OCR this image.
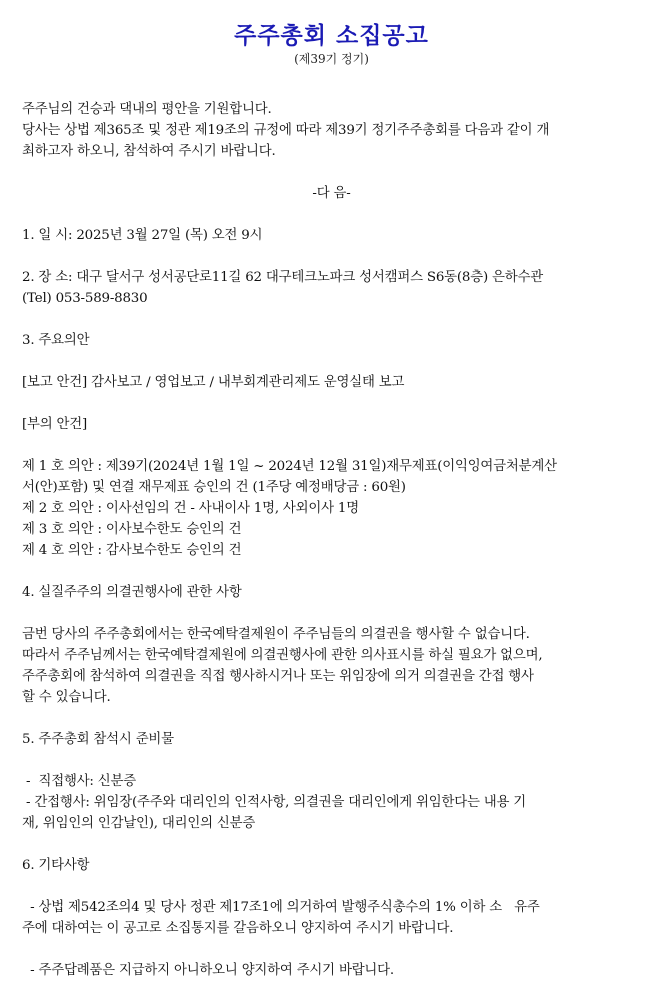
주주총회 소집공고
(제39기 정기)

주주님의 건승과 댁내의 평안을 기원합니다.

당사는 상법 제365조 및 정관 제19조의 규정에 따라 제39기 정기주주총회를 다음과 같이 개

최하고자 하오니, 참석하여 주시기 바랍니다.

-다 음-

1. 일 시: 2025년 3월 27일 (목) 오전 9시

2. 장 소: 대구 달서구 성서공단로11길 62 대구테크노파크 성서캠퍼스 S6동(8층) 은하수관

(Tel) 053-589-8830

3. 주요의안

[보고 안건] 감사보고 / 영업보고 / 내부회계관리제도 운영실태 보고

[부의 안건]

제 1 호 의안 : 제39기(2024년 1월 1일 ~ 2024년 12월 31일)재무제표(이익잉여금처분계산

서(안)포함) 및 연결 재무제표 승인의 건 (1주당 예정배당금 : 60원)

제 2 호 의안 : 이사선임의 건 - 사내이사 1명, 사외이사 1명

제 3 호 의안 : 이사보수한도 승인의 건

제 4 호 의안 : 감사보수한도 승인의 건

4. 실질주주의 의결권행사에 관한 사항

금번 당사의 주주총회에서는 한국예탁결제원이 주주님들의 의결권을 행사할 수 없습니다.

따라서 주주님께서는 한국예탁결제원에 의결권행사에 관한 의사표시를 하실 필요가 없으며,

주주총회에 참석하여 의결권을 직접 행사하시거나 또는 위임장에 의거 의결권을 간접 행사

할 수 있습니다.

5. 주주총회 참석시 준비물

-  직접행사: 신분증

- 간접행사: 위임장(주주와 대리인의 인적사항, 의결권을 대리인에게 위임한다는 내용 기

재, 위임인의 인감날인), 대리인의 신분증

6. 기타사항

- 상법 제542조의4 및 당사 정관 제17조1에 의거하여 발행주식총수의 1% 이하 소   유주

주에 대하여는 이 공고로 소집통지를 갈음하오니 양지하여 주시기 바랍니다.

- 주주답례품은 지급하지 아니하오니 양지하여 주시기 바랍니다.
